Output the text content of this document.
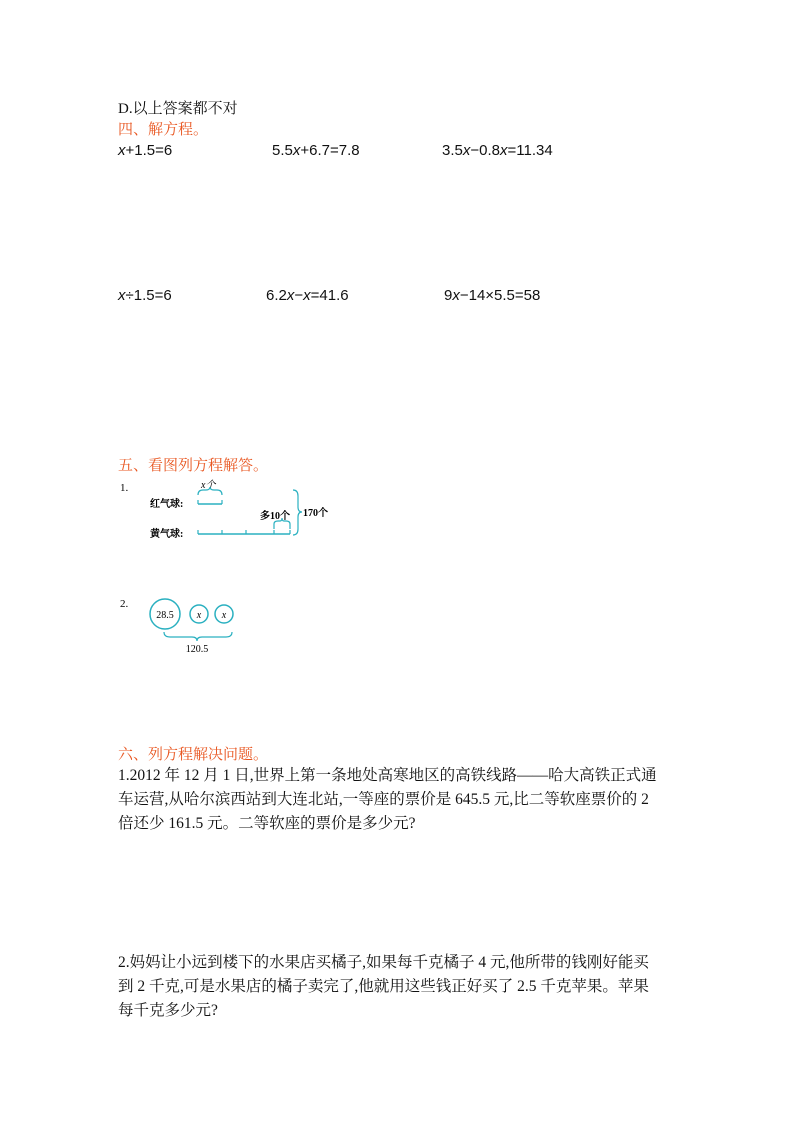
D.以上答案都不对
四、解方程。
x+1.5=6	5.5x+6.7=7.8	3.5x−0.8x=11.34
x÷1.5=6	6.2x−x=41.6	9x−14×5.5=58
五、看图列方程解答。
1.	x个
红气球:
多10个
黄气球:
170个
2.
28.5 x x
120.5
六、列方程解决问题。

1.2012 年 12 月 1 日,世界上第一条地处高寒地区的高铁线路——哈大高铁正式通

车运营,从哈尔滨西站到大连北站,一等座的票价是 645.5 元,比二等软座票价的 2

倍还少 161.5 元。二等软座的票价是多少元?

2.妈妈让小远到楼下的水果店买橘子,如果每千克橘子 4 元,他所带的钱刚好能买

到 2 千克,可是水果店的橘子卖完了,他就用这些钱正好买了 2.5 千克苹果。苹果

每千克多少元?
